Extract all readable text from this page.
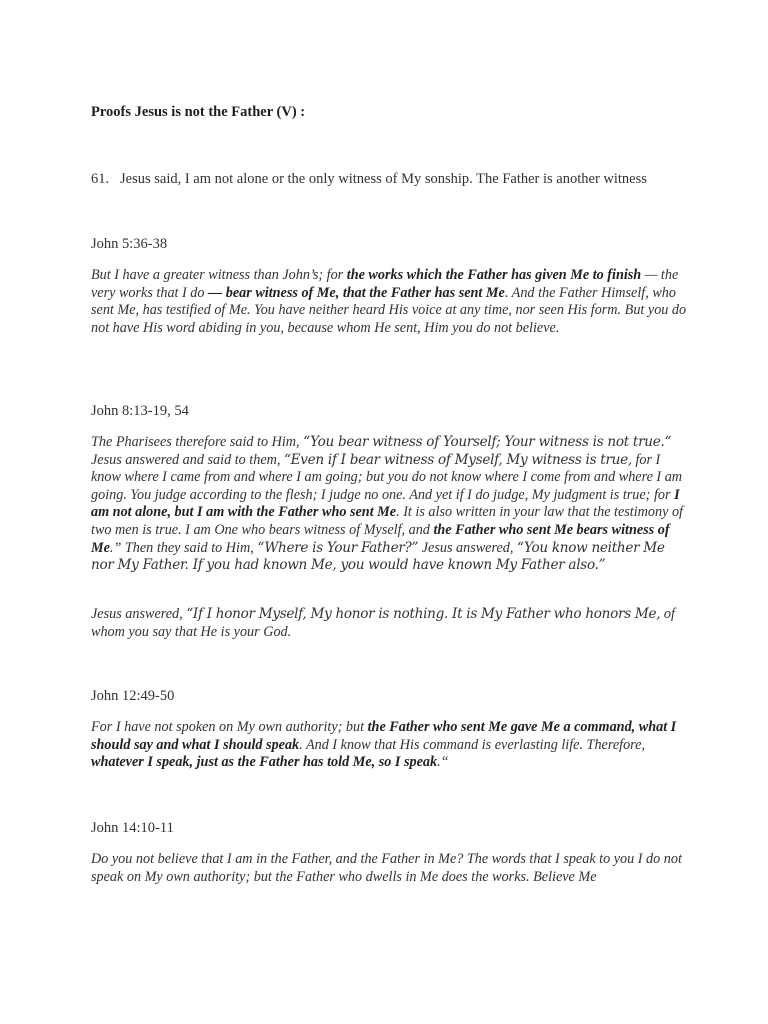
Proofs Jesus is not the Father (V) :
61. Jesus said, I am not alone or the only witness of My sonship. The Father is another witness
John 5:36-38
But I have a greater witness than John’s; for the works which the Father has given Me to finish — the very works that I do — bear witness of Me, that the Father has sent Me. And the Father Himself, who sent Me, has testified of Me. You have neither heard His voice at any time, nor seen His form. But you do not have His word abiding in you, because whom He sent, Him you do not believe.
John 8:13-19, 54
The Pharisees therefore said to Him, “You bear witness of Yourself; Your witness is not true.“ Jesus answered and said to them, “Even if I bear witness of Myself, My witness is true, for I know where I came from and where I am going; but you do not know where I come from and where I am going. You judge according to the flesh; I judge no one. And yet if I do judge, My judgment is true; for I am not alone, but I am with the Father who sent Me. It is also written in your law that the testimony of two men is true. I am One who bears witness of Myself, and the Father who sent Me bears witness of Me.” Then they said to Him, “Where is Your Father?” Jesus answered, “You know neither Me nor My Father. If you had known Me, you would have known My Father also.”
Jesus answered, “If I honor Myself, My honor is nothing. It is My Father who honors Me, of whom you say that He is your God.
John 12:49-50
For I have not spoken on My own authority; but the Father who sent Me gave Me a command, what I should say and what I should speak. And I know that His command is everlasting life. Therefore, whatever I speak, just as the Father has told Me, so I speak.“
John 14:10-11
Do you not believe that I am in the Father, and the Father in Me? The words that I speak to you I do not speak on My own authority; but the Father who dwells in Me does the works. Believe Me
